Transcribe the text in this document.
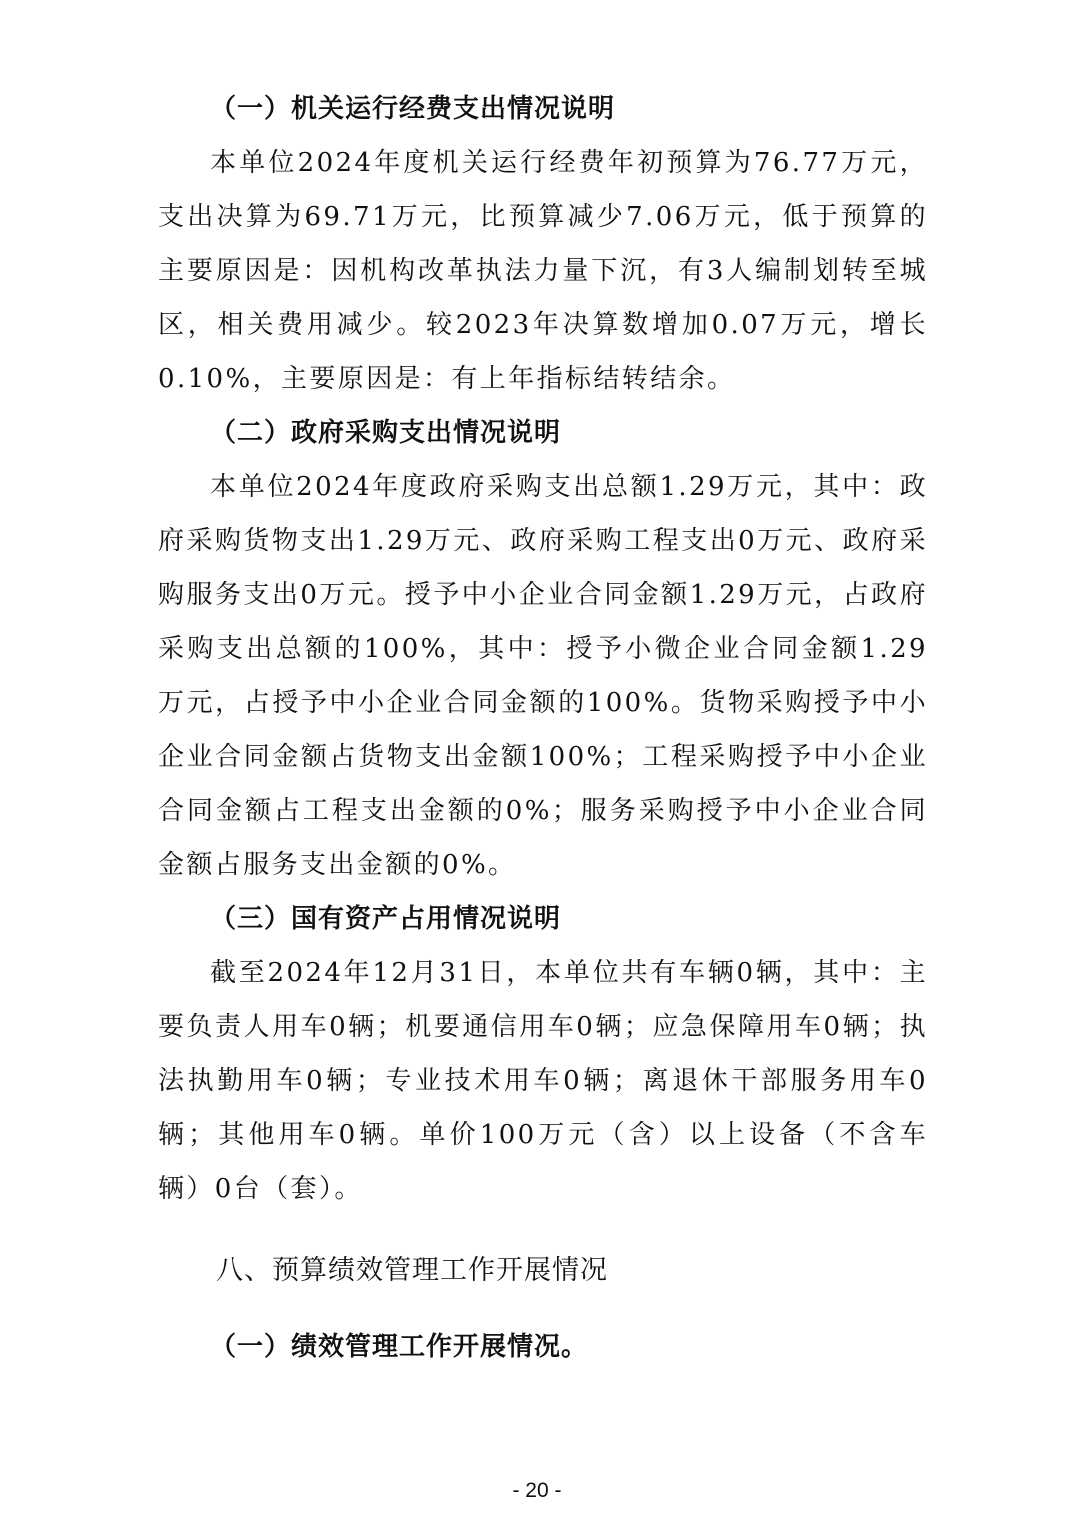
（一）机关运行经费支出情况说明

本单位2024年度机关运行经费年初预算为76.77万元，支出决算为69.71万元，比预算减少7.06万元，低于预算的主要原因是：因机构改革执法力量下沉，有3人编制划转至城区，相关费用减少。较2023年决算数增加0.07万元，增长0.10%，主要原因是：有上年指标结转结余。

（二）政府采购支出情况说明

本单位2024年度政府采购支出总额1.29万元，其中：政府采购货物支出1.29万元、政府采购工程支出0万元、政府采购服务支出0万元。授予中小企业合同金额1.29万元，占政府采购支出总额的100%，其中：授予小微企业合同金额1.29万元，占授予中小企业合同金额的100%。货物采购授予中小企业合同金额占货物支出金额100%；工程采购授予中小企业合同金额占工程支出金额的0%；服务采购授予中小企业合同金额占服务支出金额的0%。

（三）国有资产占用情况说明

截至2024年12月31日，本单位共有车辆0辆，其中：主要负责人用车0辆；机要通信用车0辆；应急保障用车0辆；执法执勤用车0辆；专业技术用车0辆；离退休干部服务用车0辆；其他用车0辆。单价100万元（含）以上设备（不含车辆）0台（套）。

八、预算绩效管理工作开展情况
（一）绩效管理工作开展情况。
- 20 -
